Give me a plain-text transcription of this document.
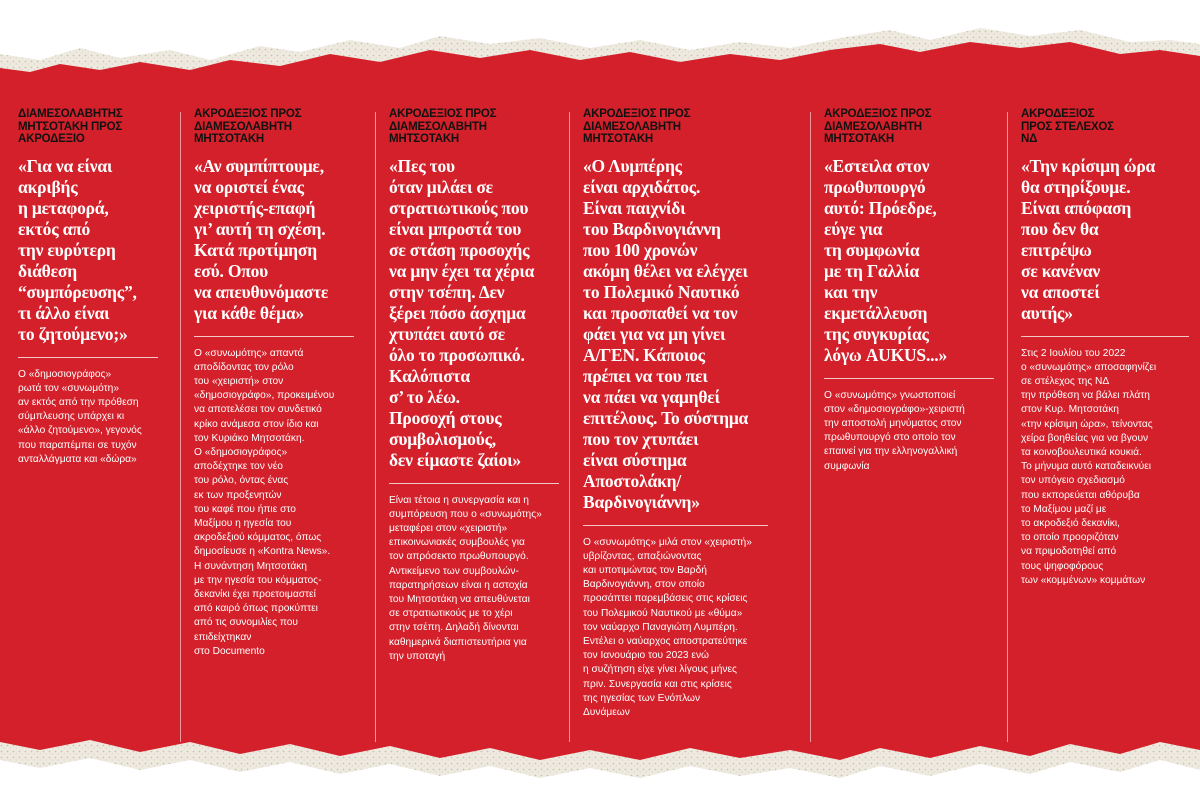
ΔΙΑΜΕΣΟΛΑΒΗΤΗΣ
ΜΗΤΣΟΤΑΚΗ ΠΡΟΣ
ΑΚΡΟΔΕΞΙΟ

«Για να είναι
ακριβής
η μεταφορά,
εκτός από
την ευρύτερη
διάθεση
“συμπόρευσης”,
τι άλλο είναι
το ζητούμενο;»

Ο «δημοσιογράφος»
ρωτά τον «συνωμότη»
αν εκτός από την πρόθεση
σύμπλευσης υπάρχει κι
«άλλο ζητούμενο», γεγονός
που παραπέμπει σε τυχόν
ανταλλάγματα και «δώρα»

ΑΚΡΟΔΕΞΙΟΣ ΠΡΟΣ
ΔΙΑΜΕΣΟΛΑΒΗΤΗ
ΜΗΤΣΟΤΑΚΗ

«Αν συμπίπτουμε,
να οριστεί ένας
χειριστής-επαφή
γι’ αυτή τη σχέση.
Κατά προτίμηση
εσύ. Οπου
να απευθυνόμαστε
για κάθε θέμα»

Ο «συνωμότης» απαντά
αποδίδοντας τον ρόλο
του «χειριστή» στον
«δημοσιογράφο», προκειμένου
να αποτελέσει τον συνδετικό
κρίκο ανάμεσα στον ίδιο και
τον Κυριάκο Μητσοτάκη.
Ο «δημοσιογράφος»
αποδέχτηκε τον νέο
του ρόλο, όντας ένας
εκ των προξενητών
του καφέ που ήπιε στο
Μαξίμου η ηγεσία του
ακροδεξιού κόμματος, όπως
δημοσίευσε η «Kontra News».
Η συνάντηση Μητσοτάκη
με την ηγεσία του κόμματος-
δεκανίκι έχει προετοιμαστεί
από καιρό όπως προκύπτει
από τις συνομιλίες που
επιδείχτηκαν
στο Documento

ΑΚΡΟΔΕΞΙΟΣ ΠΡΟΣ
ΔΙΑΜΕΣΟΛΑΒΗΤΗ
ΜΗΤΣΟΤΑΚΗ

«Πες του
όταν μιλάει σε
στρατιωτικούς που
είναι μπροστά του
σε στάση προσοχής
να μην έχει τα χέρια
στην τσέπη. Δεν
ξέρει πόσο άσχημα
χτυπάει αυτό σε
όλο το προσωπικό.
Καλόπιστα
σ’ το λέω.
Προσοχή στους
συμβολισμούς,
δεν είμαστε ζαίοι»

Είναι τέτοια η συνεργασία και η
συμπόρευση που ο «συνωμότης»
μεταφέρει στον «χειριστή»
επικοινωνιακές συμβουλές για
τον απρόσεκτο πρωθυπουργό.
Αντικείμενο των συμβουλών-
παρατηρήσεων είναι η αστοχία
του Μητσοτάκη να απευθύνεται
σε στρατιωτικούς με το χέρι
στην τσέπη. Δηλαδή δίνονται
καθημερινά διαπιστευτήρια για
την υποταγή

ΑΚΡΟΔΕΞΙΟΣ ΠΡΟΣ
ΔΙΑΜΕΣΟΛΑΒΗΤΗ
ΜΗΤΣΟΤΑΚΗ

«Ο Λυμπέρης
είναι αρχιδάτος.
Είναι παιχνίδι
του Βαρδινογιάννη
που 100 χρονών
ακόμη θέλει να ελέγχει
το Πολεμικό Ναυτικό
και προσπαθεί να τον
φάει για να μη γίνει
Α/ΓΕΝ. Κάποιος
πρέπει να του πει
να πάει να γαμηθεί
επιτέλους. Το σύστημα
που τον χτυπάει
είναι σύστημα
Αποστολάκη/
Βαρδινογιάννη»

Ο «συνωμότης» μιλά στον «χειριστή»
υβρίζοντας, απαξιώνοντας
και υποτιμώντας τον Βαρδή
Βαρδινογιάννη, στον οποίο
προσάπτει παρεμβάσεις στις κρίσεις
του Πολεμικού Ναυτικού με «θύμα»
τον ναύαρχο Παναγιώτη Λυμπέρη.
Εντέλει ο ναύαρχος αποστρατεύτηκε
τον Ιανουάριο του 2023 ενώ
η συζήτηση είχε γίνει λίγους μήνες
πριν. Συνεργασία και στις κρίσεις
της ηγεσίας των Ενόπλων
Δυνάμεων

ΑΚΡΟΔΕΞΙΟΣ ΠΡΟΣ
ΔΙΑΜΕΣΟΛΑΒΗΤΗ
ΜΗΤΣΟΤΑΚΗ

«Εστειλα στον
πρωθυπουργό
αυτό: Πρόεδρε,
εύγε για
τη συμφωνία
με τη Γαλλία
και την
εκμετάλλευση
της συγκυρίας
λόγω AUKUS...»

Ο «συνωμότης» γνωστοποιεί
στον «δημοσιογράφο»-χειριστή
την αποστολή μηνύματος στον
πρωθυπουργό στο οποίο τον
επαινεί για την ελληνογαλλική
συμφωνία

ΑΚΡΟΔΕΞΙΟΣ
ΠΡΟΣ ΣΤΕΛΕΧΟΣ
ΝΔ

«Την κρίσιμη ώρα
θα στηρίξουμε.
Είναι απόφαση
που δεν θα
επιτρέψω
σε κανέναν
να αποστεί
αυτής»

Στις 2 Ιουλίου του 2022
ο «συνωμότης» αποσαφηνίζει
σε στέλεχος της ΝΔ
την πρόθεση να βάλει πλάτη
στον Κυρ. Μητσοτάκη
«την κρίσιμη ώρα», τείνοντας
χείρα βοηθείας για να βγουν
τα κοινοβουλευτικά κουκιά.
Το μήνυμα αυτό καταδεικνύει
τον υπόγειο σχεδιασμό
που εκπορεύεται αθόρυβα
το Μαξίμου μαζί με
το ακροδεξιό δεκανίκι,
το οποίο προοριζόταν
να πριμοδοτηθεί από
τους ψηφοφόρους
των «κομμένων» κομμάτων
